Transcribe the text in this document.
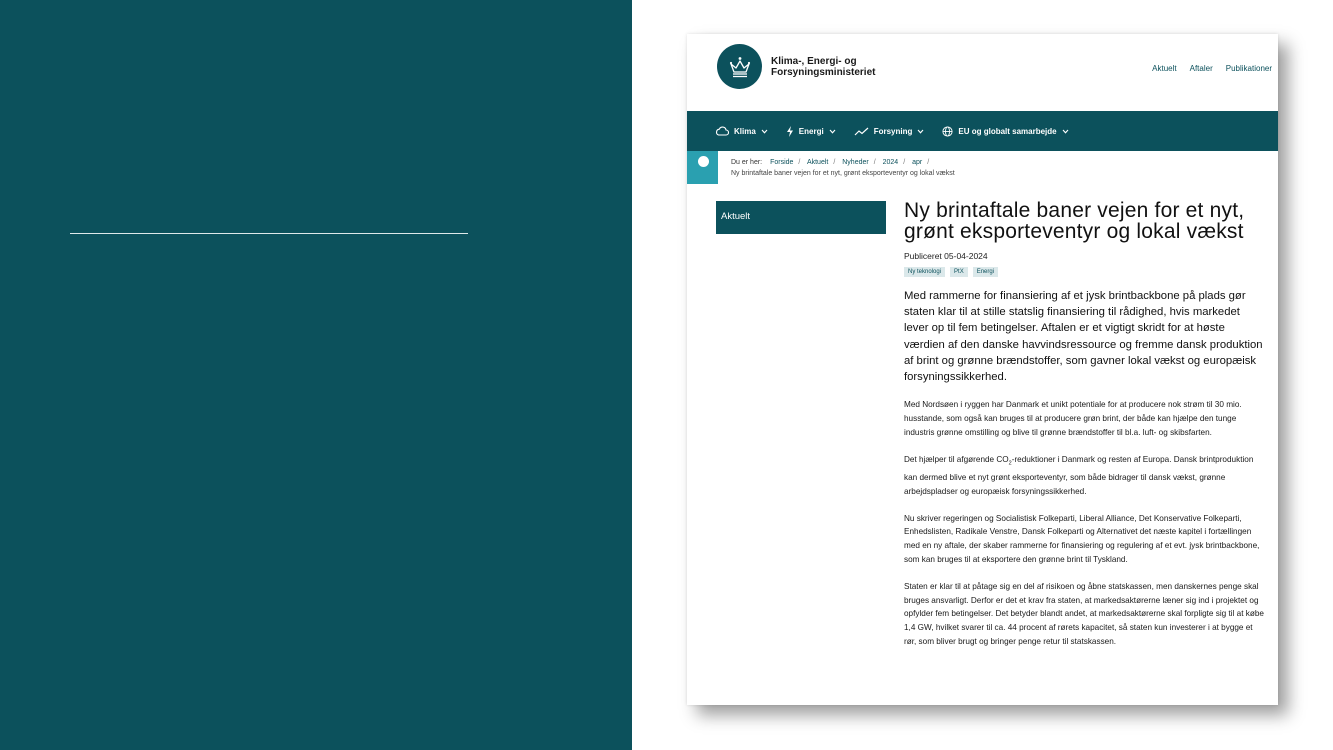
Klima-, Energi- og
Forsyningsministeriet	Aktuelt Aftaler Publikationer
Klima	Energi	Forsyning	EU og globalt samarbejde
Du er her: Forside / Aktuelt / Nyheder / 2024 / apr /
Ny brintaftale baner vejen for et nyt, grønt eksporteventyr og lokal vækst
Aktuelt	Ny brintaftale baner vejen for et nyt, grønt eksporteventyr og lokal vækst
Publiceret 05-04-2024
Ny teknologi	PtX	Energi

Med rammerne for finansiering af et jysk brintbackbone på plads gør staten klar til at stille statslig finansiering til rådighed, hvis markedet lever op til fem betingelser. Aftalen er et vigtigt skridt for at høste værdien af den danske havvindsressource og fremme dansk produktion af brint og grønne brændstoffer, som gavner lokal vækst og europæisk forsyningssikkerhed.

Med Nordsøen i ryggen har Danmark et unikt potentiale for at producere nok strøm til 30 mio. husstande, som også kan bruges til at producere grøn brint, der både kan hjælpe den tunge industris grønne omstilling og blive til grønne brændstoffer til bl.a. luft- og skibsfarten.

Det hjælper til afgørende $CO_2$-reduktioner i Danmark og resten af Europa. Dansk brintproduktion kan dermed blive et nyt grønt eksporteventyr, som både bidrager til dansk vækst, grønne arbejdspladser og europæisk forsyningssikkerhed.

Nu skriver regeringen og Socialistisk Folkeparti, Liberal Alliance, Det Konservative Folkeparti, Enhedslisten, Radikale Venstre, Dansk Folkeparti og Alternativet det næste kapitel i fortællingen med en ny aftale, der skaber rammerne for finansiering og regulering af et evt. jysk brintbackbone, som kan bruges til at eksportere den grønne brint til Tyskland.

Staten er klar til at påtage sig en del af risikoen og åbne statskassen, men danskernes penge skal bruges ansvarligt. Derfor er det et krav fra staten, at markedsaktørerne læner sig ind i projektet og opfylder fem betingelser. Det betyder blandt andet, at markedsaktørerne skal forpligte sig til at købe 1,4 GW, hvilket svarer til ca. 44 procent af rørets kapacitet, så staten kun investerer i at bygge et rør, som bliver brugt og bringer penge retur til statskassen.
